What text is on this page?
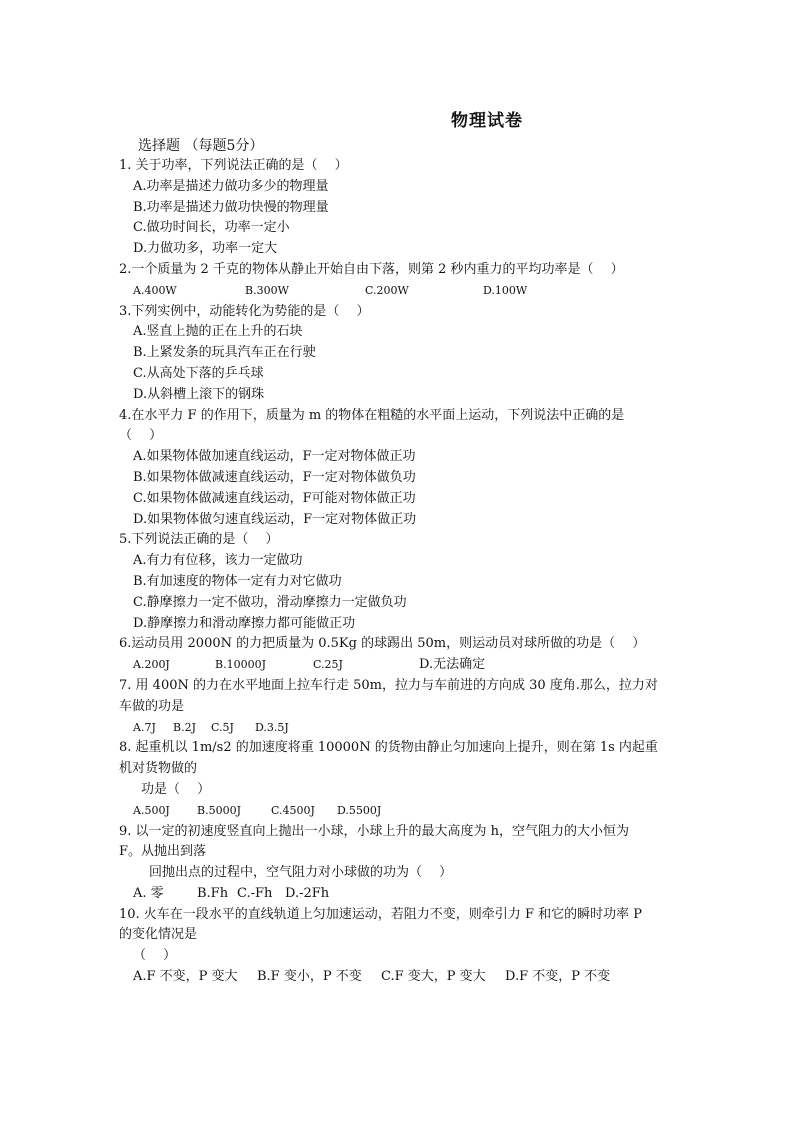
物理试卷
选择题 （每题5分）
1. 关于功率，下列说法正确的是（　 ）
A.功率是描述力做功多少的物理量
B.功率是描述力做功快慢的物理量
C.做功时间长，功率一定小
D.力做功多，功率一定大
2.一个质量为 2 千克的物体从静止开始自由下落，则第 2 秒内重力的平均功率是（　 ）
A.400W	B.300W	C.200W	D.100W
3.下列实例中，动能转化为势能的是（　 ）
A.竖直上抛的正在上升的石块
B.上紧发条的玩具汽车正在行驶
C.从高处下落的乒乓球
D.从斜槽上滚下的钢珠
4.在水平力 F 的作用下，质量为 m 的物体在粗糙的水平面上运动，下列说法中正确的是
（　 ）
A.如果物体做加速直线运动，F一定对物体做正功
B.如果物体做减速直线运动，F一定对物体做负功
C.如果物体做减速直线运动，F可能对物体做正功
D.如果物体做匀速直线运动，F一定对物体做正功
5.下列说法正确的是（　 ）
A.有力有位移，该力一定做功
B.有加速度的物体一定有力对它做功
C.静摩擦力一定不做功，滑动摩擦力一定做负功
D.静摩擦力和滑动摩擦力都可能做正功
6.运动员用 2000N 的力把质量为 0.5Kg 的球踢出 50m，则运动员对球所做的功是（　 ）
A.200J	B.10000J	C.25J	D.无法确定
7. 用 400N 的力在水平地面上拉车行走 50m，拉力与车前进的方向成 30 度角.那么，拉力对
车做的功是
A.7J	B.2J	C.5J	D.3.5J
8. 起重机以 1m/s2 的加速度将重 10000N 的货物由静止匀加速向上提升，则在第 1s 内起重
机对货物做的
功是（　 ）
A.500J	B.5000J	C.4500J	D.5500J
9. 以一定的初速度竖直向上抛出一小球，小球上升的最大高度为 h，空气阻力的大小恒为
F。从抛出到落
回抛出点的过程中，空气阻力对小球做的功为（　 ）
A. 零	B.Fh C.-Fh D.-2Fh
10. 火车在一段水平的直线轨道上匀加速运动，若阻力不变，则牵引力 F 和它的瞬时功率 P
的变化情况是
（　 ）
A.F 不变，P 变大	B.F 变小，P 不变	C.F 变大，P 变大	D.F 不变，P 不变
